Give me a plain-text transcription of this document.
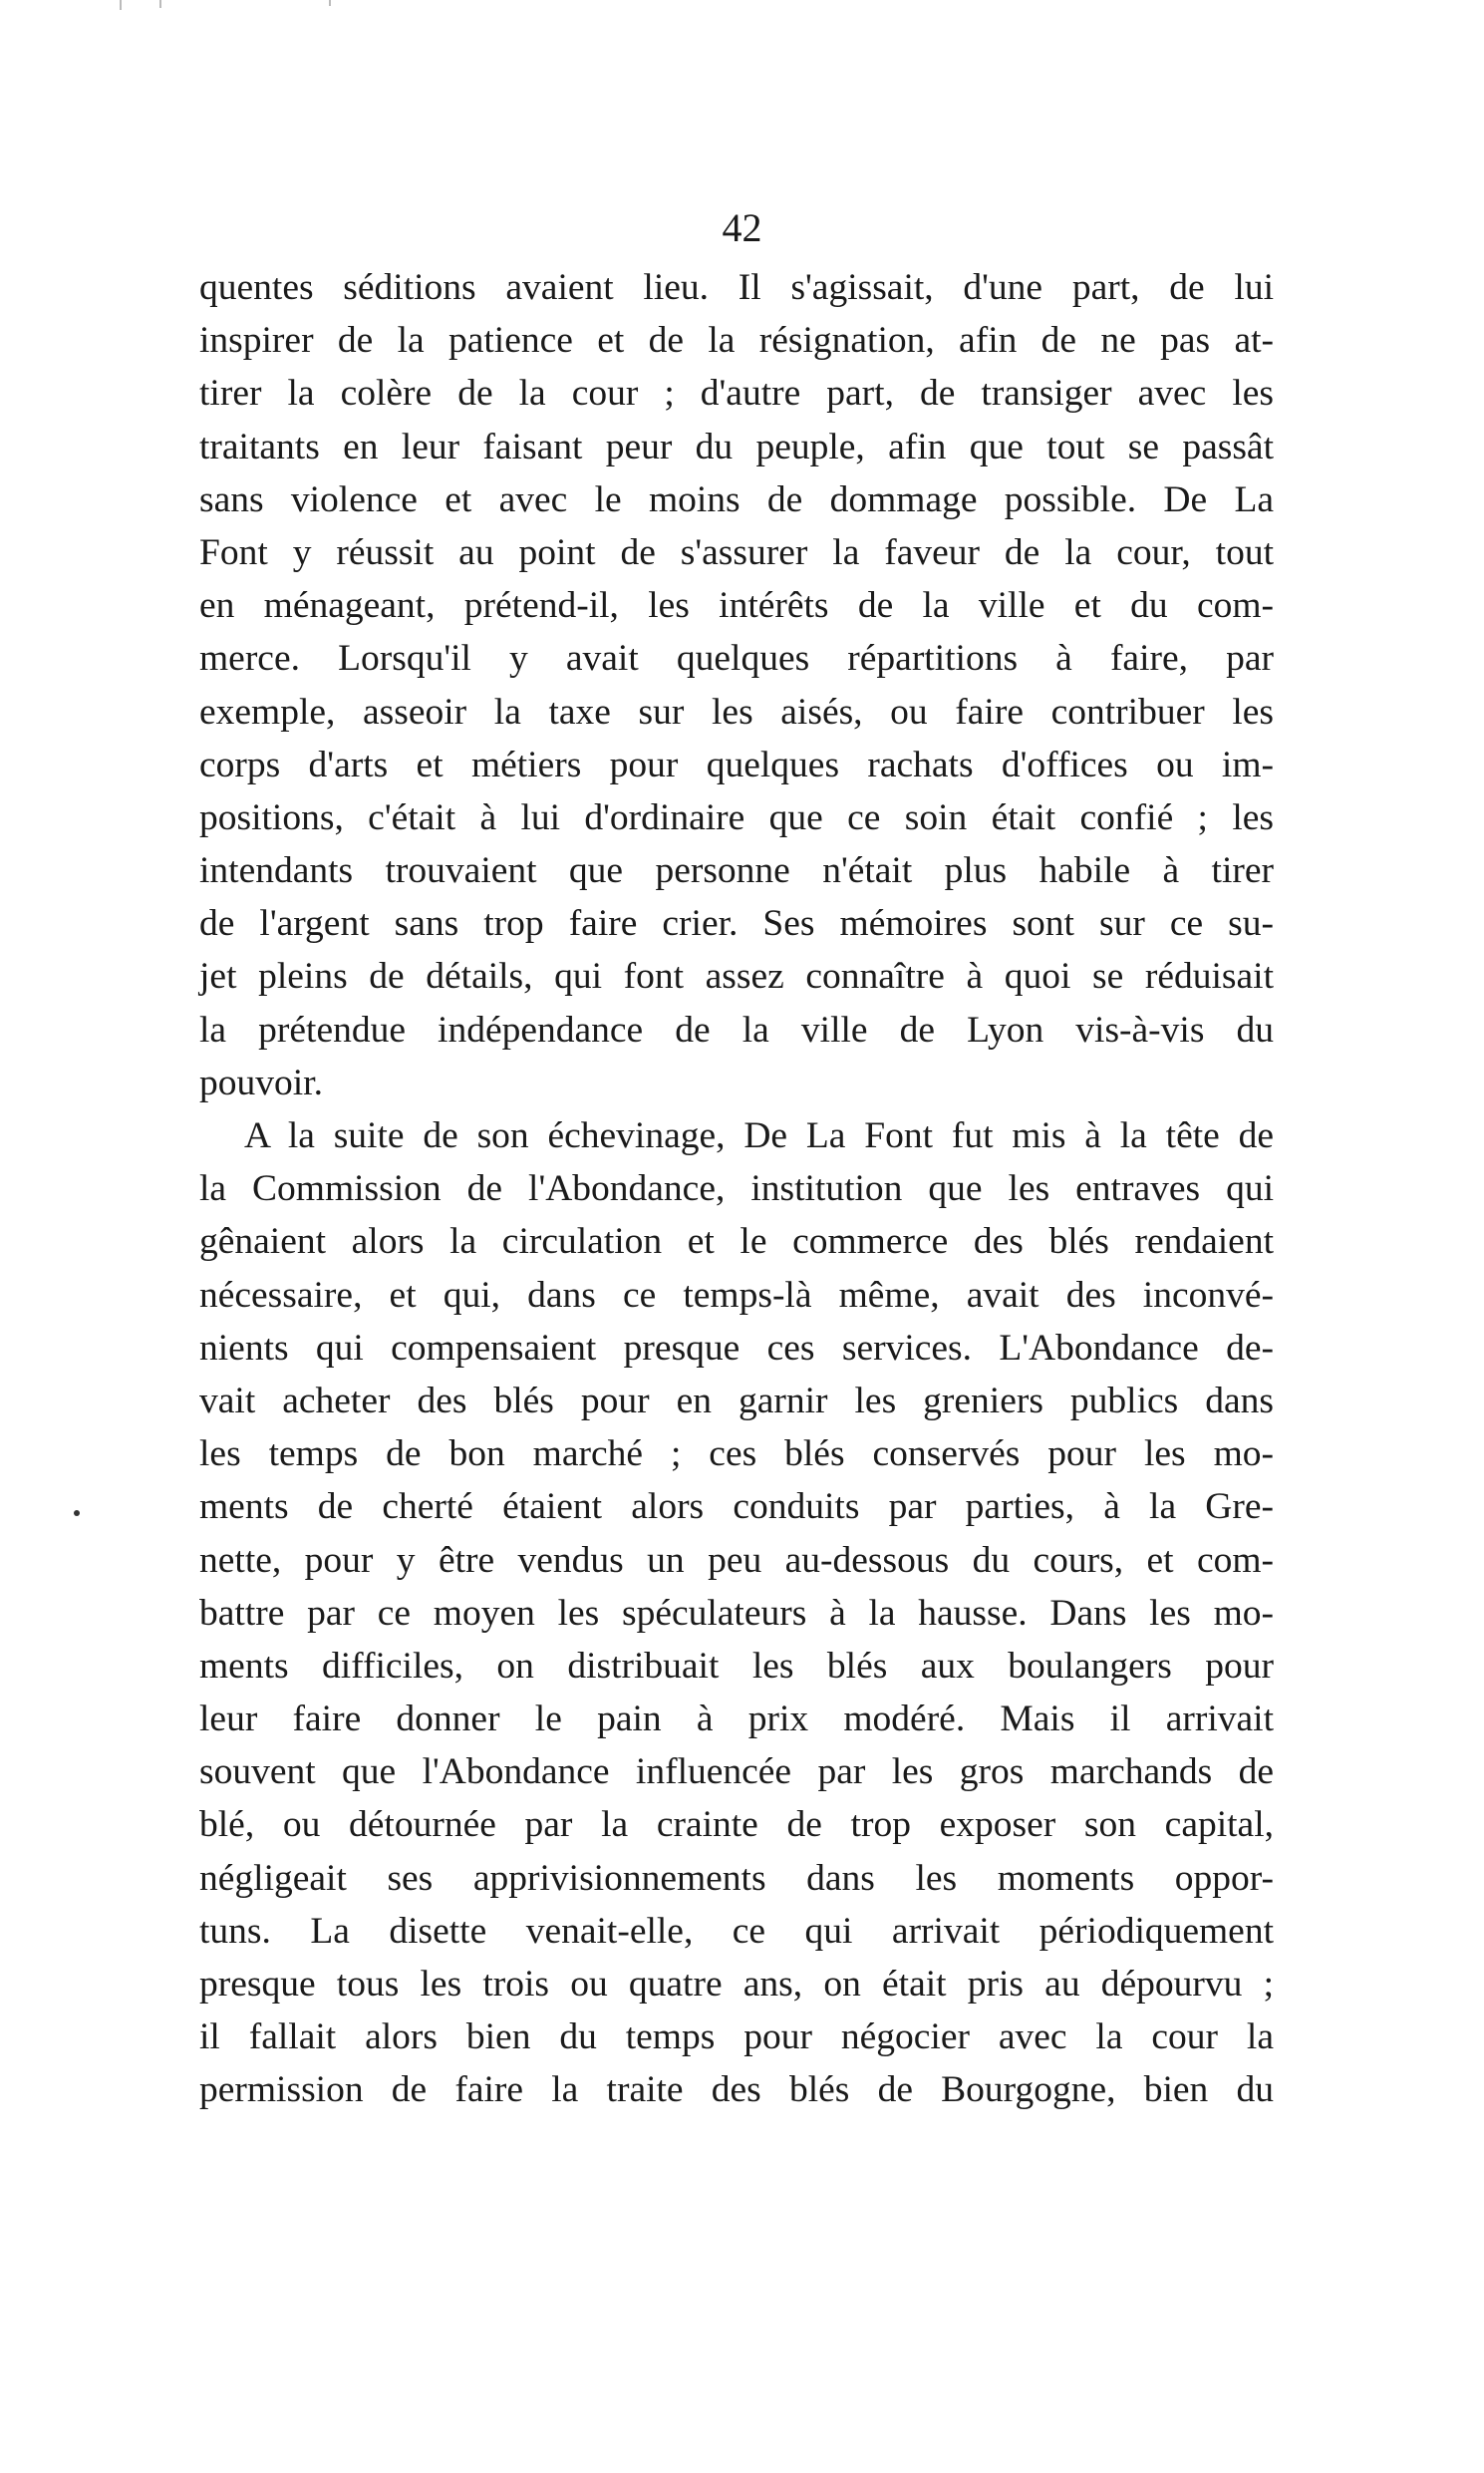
42
quentes séditions avaient lieu. Il s'agissait, d'une part, de lui
inspirer de la patience et de la résignation, afin de ne pas at-
tirer la colère de la cour ; d'autre part, de transiger avec les
traitants en leur faisant peur du peuple, afin que tout se passât
sans violence et avec le moins de dommage possible. De La
Font y réussit au point de s'assurer la faveur de la cour, tout
en ménageant, prétend-il, les intérêts de la ville et du com-
merce. Lorsqu'il y avait quelques répartitions à faire, par
exemple, asseoir la taxe sur les aisés, ou faire contribuer les
corps d'arts et métiers pour quelques rachats d'offices ou im-
positions, c'était à lui d'ordinaire que ce soin était confié ; les
intendants trouvaient que personne n'était plus habile à tirer
de l'argent sans trop faire crier. Ses mémoires sont sur ce su-
jet pleins de détails, qui font assez connaître à quoi se réduisait
la prétendue indépendance de la ville de Lyon vis-à-vis du
pouvoir.
A la suite de son échevinage, De La Font fut mis à la tête de
la Commission de l'Abondance, institution que les entraves qui
gênaient alors la circulation et le commerce des blés rendaient
nécessaire, et qui, dans ce temps-là même, avait des inconvé-
nients qui compensaient presque ces services. L'Abondance de-
vait acheter des blés pour en garnir les greniers publics dans
les temps de bon marché ; ces blés conservés pour les mo-
ments de cherté étaient alors conduits par parties, à la Gre-
nette, pour y être vendus un peu au-dessous du cours, et com-
battre par ce moyen les spéculateurs à la hausse. Dans les mo-
ments difficiles, on distribuait les blés aux boulangers pour
leur faire donner le pain à prix modéré. Mais il arrivait
souvent que l'Abondance influencée par les gros marchands de
blé, ou détournée par la crainte de trop exposer son capital,
négligeait ses apprivisionnements dans les moments oppor-
tuns. La disette venait-elle, ce qui arrivait périodiquement
presque tous les trois ou quatre ans, on était pris au dépourvu ;
il fallait alors bien du temps pour négocier avec la cour la
permission de faire la traite des blés de Bourgogne, bien du
